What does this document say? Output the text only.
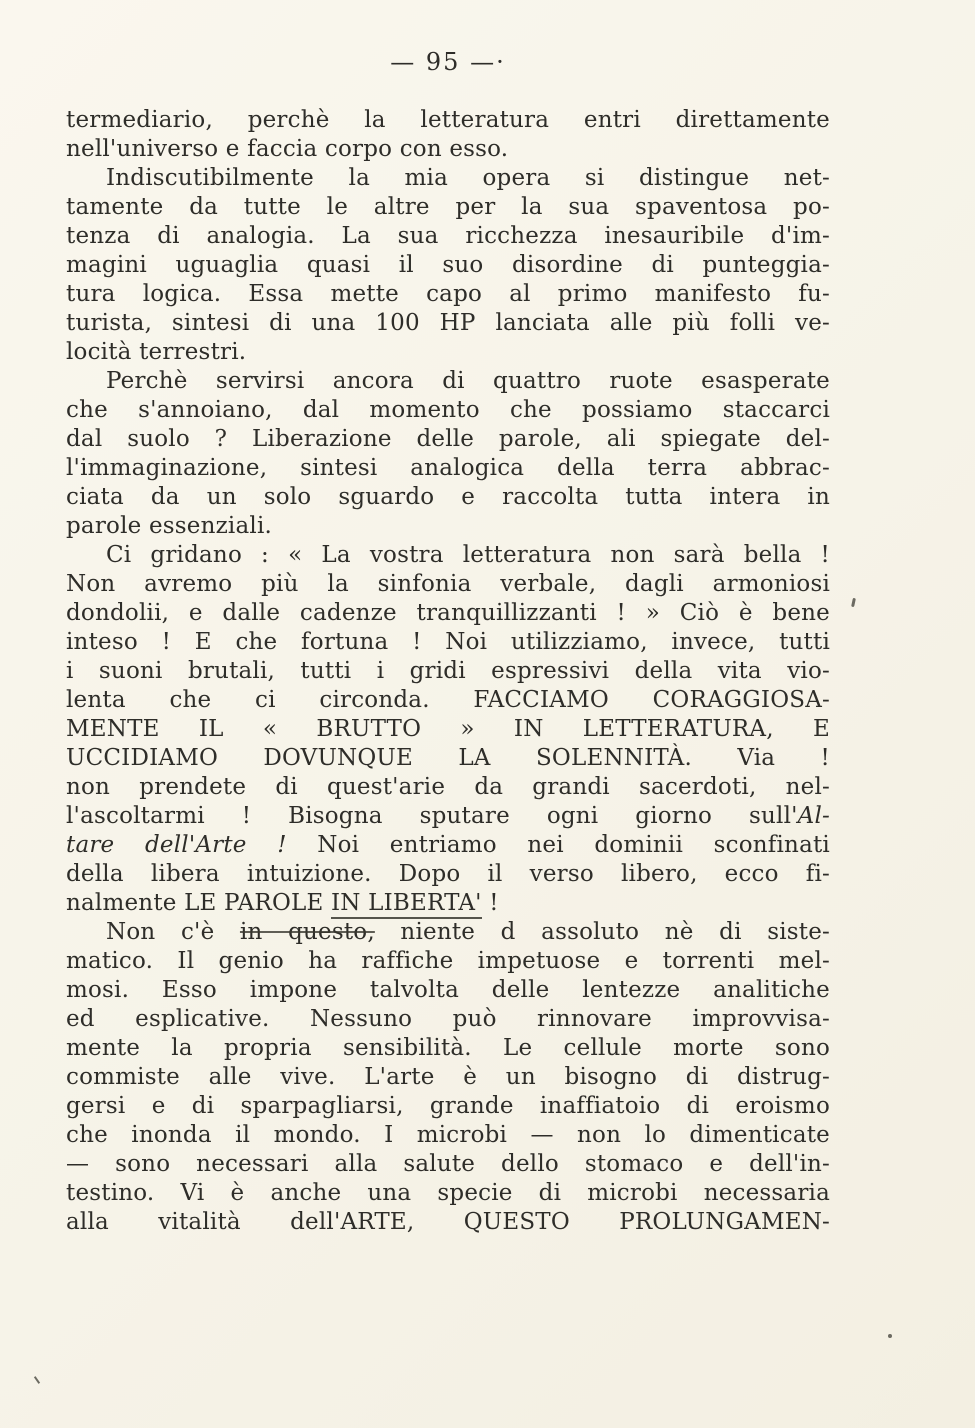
— 95 —·
termediario, perchè la letteratura entri direttamente
nell'universo e faccia corpo con esso.
Indiscutibilmente la mia opera si distingue net-
tamente da tutte le altre per la sua spaventosa po-
tenza di analogia. La sua ricchezza inesauribile d'im-
magini uguaglia quasi il suo disordine di punteggia-
tura logica. Essa mette capo al primo manifesto fu-
turista, sintesi di una 100 HP lanciata alle più folli ve-
locità terrestri.
Perchè servirsi ancora di quattro ruote esasperate
che s'annoiano, dal momento che possiamo staccarci
dal suolo ? Liberazione delle parole, ali spiegate del-
l'immaginazione, sintesi analogica della terra abbrac-
ciata da un solo sguardo e raccolta tutta intera in
parole essenziali.
Ci gridano : « La vostra letteratura non sarà bella !
Non avremo più la sinfonia verbale, dagli armoniosi
dondolii, e dalle cadenze tranquillizzanti ! » Ciò è bene
inteso ! E che fortuna ! Noi utilizziamo, invece, tutti
i suoni brutali, tutti i gridi espressivi della vita vio-
lenta che ci circonda. FACCIAMO CORAGGIOSA-
MENTE IL « BRUTTO » IN LETTERATURA, E
UCCIDIAMO DOVUNQUE LA SOLENNITÀ. Via !
non prendete di quest'arie da grandi sacerdoti, nel-
l'ascoltarmi ! Bisogna sputare ogni giorno sull'Al-
tare dell'Arte ! Noi entriamo nei dominii sconfinati
della libera intuizione. Dopo il verso libero, ecco fi-
nalmente LE PAROLE IN LIBERTA' !
Non c'è in questo, niente d assoluto nè di siste-
matico. Il genio ha raffiche impetuose e torrenti mel-
mosi. Esso impone talvolta delle lentezze analitiche
ed esplicative. Nessuno può rinnovare improvvisa-
mente la propria sensibilità. Le cellule morte sono
commiste alle vive. L'arte è un bisogno di distrug-
gersi e di sparpagliarsi, grande inaffiatoio di eroismo
che inonda il mondo. I microbi — non lo dimenticate
— sono necessari alla salute dello stomaco e dell'in-
testino. Vi è anche una specie di microbi necessaria
alla vitalità dell'ARTE, QUESTO PROLUNGAMEN-
